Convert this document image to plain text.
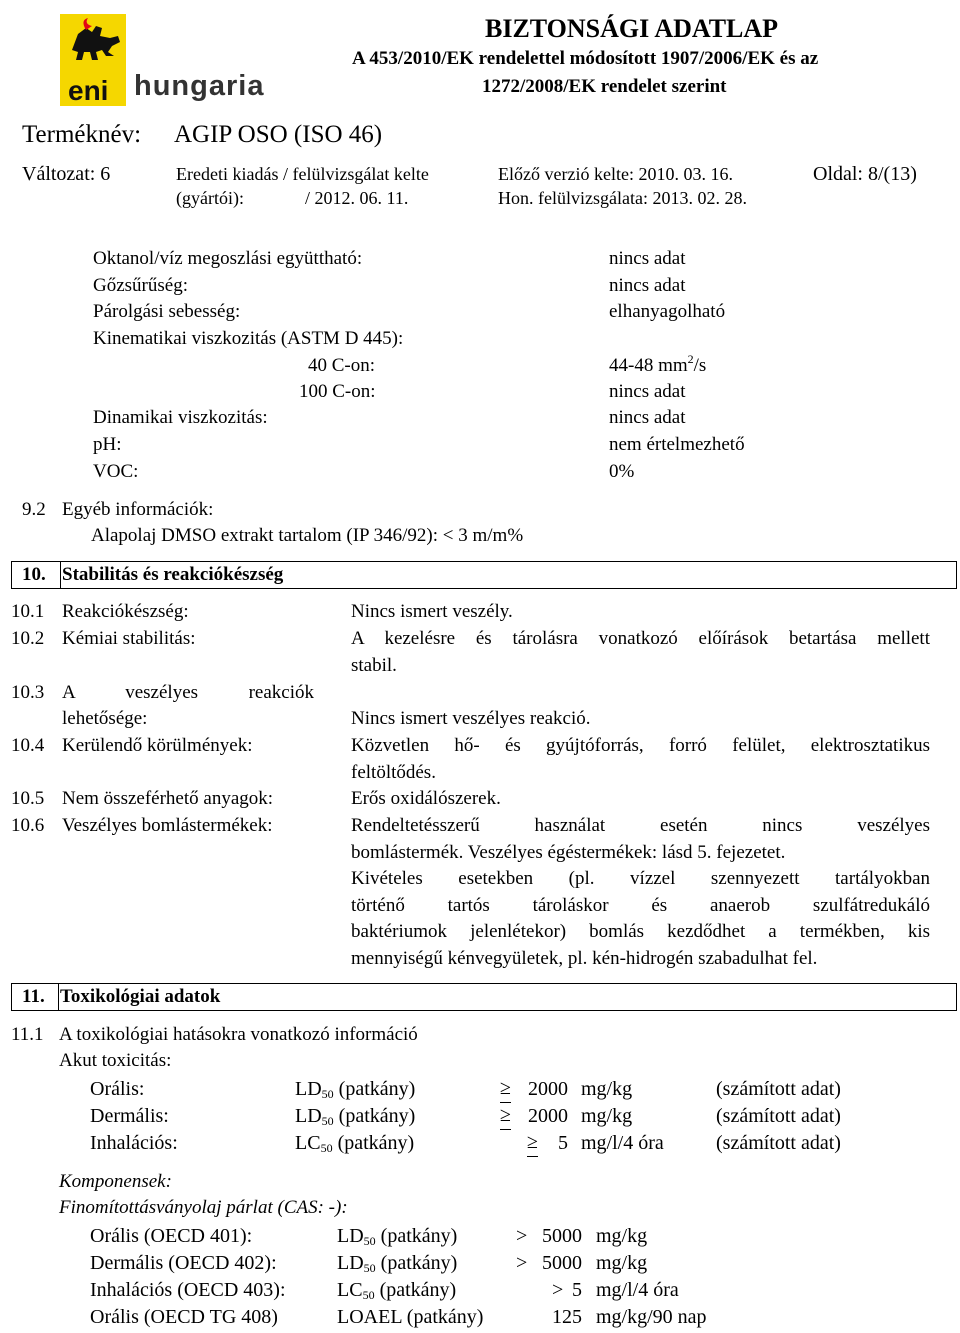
eni hungaria
BIZTONSÁGI ADATLAP
A 453/2010/EK rendelettel módosított 1907/2006/EK és az
1272/2008/EK rendelet szerint
Terméknév: AGIP OSO (ISO 46)
Változat: 6	Eredeti kiadás / felülvizsgálat kelte
(gyártói):	/ 2012. 06. 11.
Előző verzió kelte: 2010. 03. 16.
Hon. felülvizsgálata: 2013. 02. 28.
Oldal: 8/(13)
Oktanol/víz megoszlási együttható:	nincs adat
Gőzsűrűség:	nincs adat
Párolgási sebesség:	elhanyagolható
Kinematikai viszkozitás (ASTM D 445):
40 C-on:	44-48 $mm^2/s$
100 C-on:	nincs adat
Dinamikai viszkozitás:	nincs adat
pH:	nem értelmezhető
VOC:	0%
9.2 Egyéb információk:
Alapolaj DMSO extrakt tartalom (IP 346/92): < 3 m/m%
10. Stabilitás és reakciókészség
10.1 Reakciókészség:	Nincs ismert veszély.
10.2 Kémiai stabilitás:	A kezelésre és tárolásra vonatkozó előírások betartása mellett
stabil.
10.3 A veszélyes reakciók
lehetősége:	Nincs ismert veszélyes reakció.
10.4 Kerülendő körülmények:	Közvetlen hő- és gyújtóforrás, forró felület, elektrosztatikus
feltöltődés.
10.5 Nem összeférhető anyagok:	Erős oxidálószerek.
10.6 Veszélyes bomlástermékek:	Rendeltetésszerű használat esetén nincs veszélyes
bomlástermék. Veszélyes égéstermékek: lásd 5. fejezetet.
Kivételes esetekben (pl. vízzel szennyezett tartályokban
történő tartós tároláskor és anaerob szulfátredukáló
baktériumok jelenlétekor) bomlás kezdődhet a termékben, kis
mennyiségű kénvegyületek, pl. kén-hidrogén szabadulhat fel.
11. Toxikológiai adatok
11.1 A toxikológiai hatásokra vonatkozó információ
Akut toxicitás:
Orális:	$LD_{50}$ (patkány)	≥ 2000 mg/kg	(számított adat)
Dermális:	$LD_{50}$ (patkány)	≥ 2000 mg/kg	(számított adat)
Inhalációs:	$LC_{50}$ (patkány)	≥	5 mg/l/4 óra	(számított adat)
Komponensek:
Finomítottásványolaj párlat (CAS: -):
Orális (OECD 401):	$LD_{50}$ (patkány)	> 5000 mg/kg
Dermális (OECD 402):	$LD_{50}$ (patkány)	> 5000 mg/kg
Inhalációs (OECD 403):	$LC_{50}$ (patkány)	> 5 mg/l/4 óra
Orális (OECD TG 408)	LOAEL (patkány)	125 mg/kg/90 nap
